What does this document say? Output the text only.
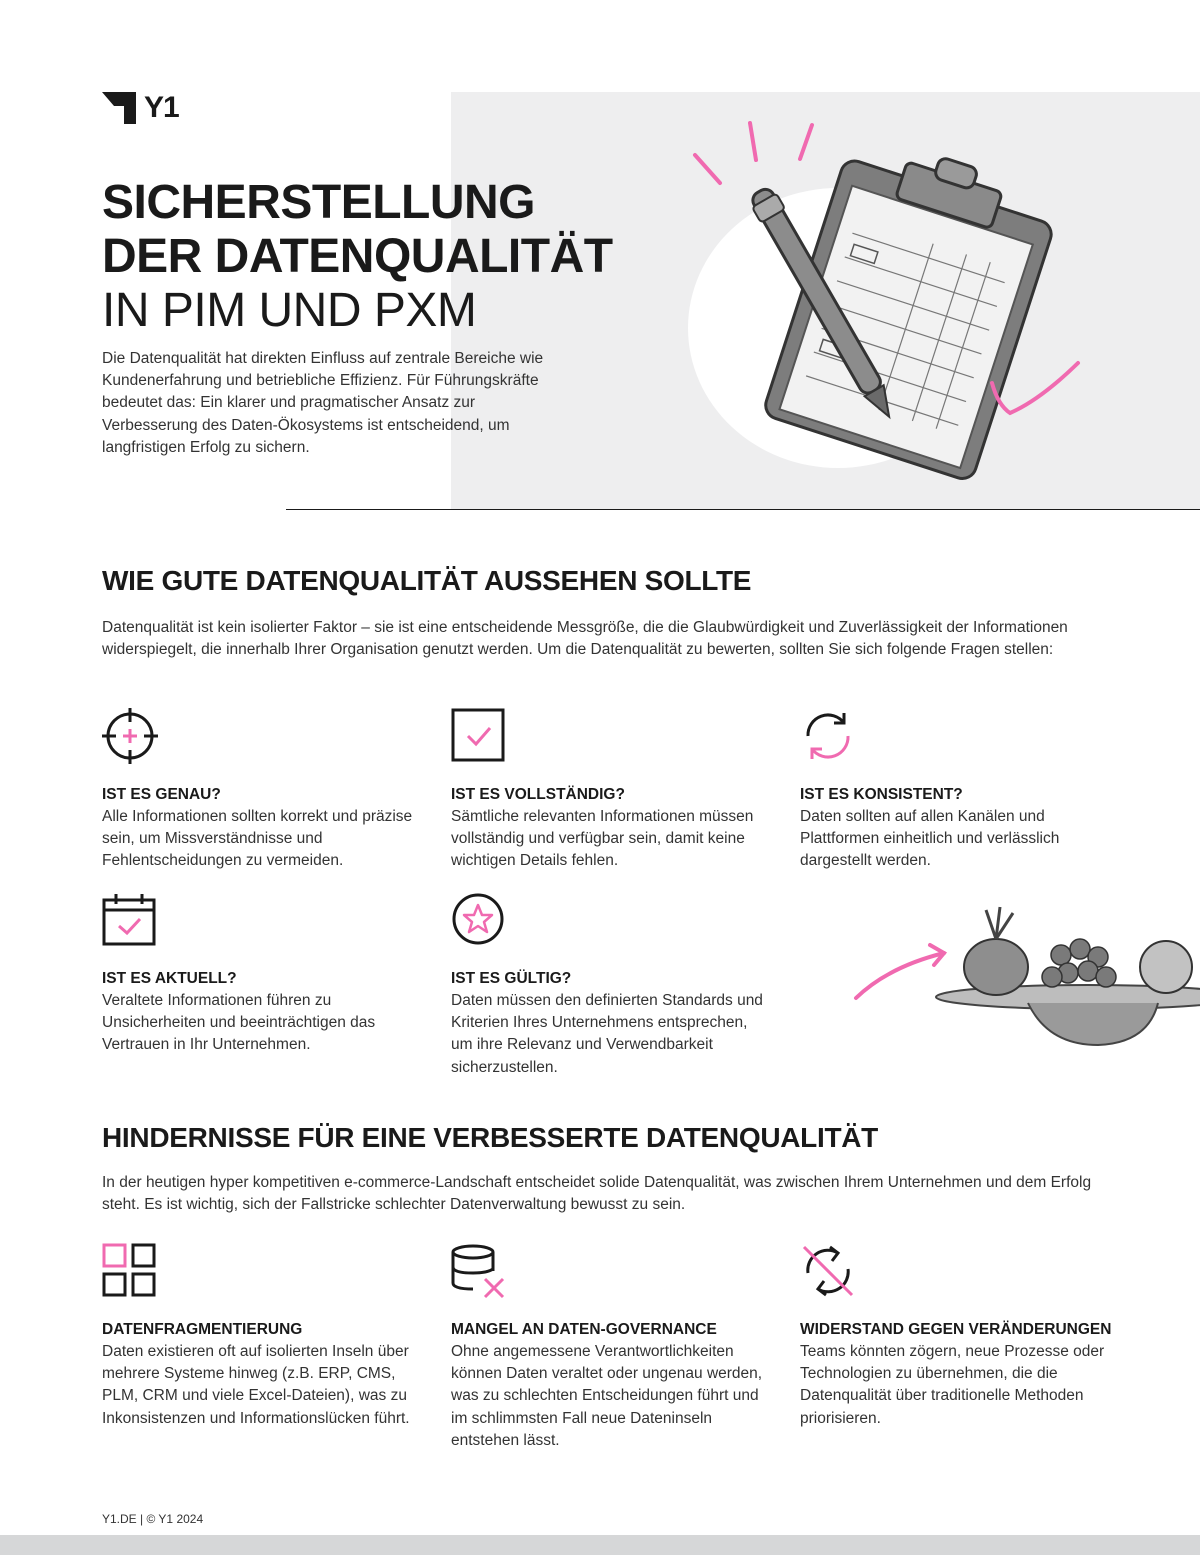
Y1
SICHERSTELLUNG
DER DATENQUALITÄT
IN PIM UND PXM
Die Datenqualität hat direkten Einfluss auf zentrale Bereiche wie Kundenerfahrung und betriebliche Effizienz. Für Führungskräfte bedeutet das: Ein klarer und pragmatischer Ansatz zur Verbesserung des Daten-Ökosystems ist entscheidend, um langfristigen Erfolg zu sichern.
WIE GUTE DATENQUALITÄT AUSSEHEN SOLLTE
Datenqualität ist kein isolierter Faktor – sie ist eine entscheidende Messgröße, die die Glaubwürdigkeit und Zuverlässigkeit der Informationen widerspiegelt, die innerhalb Ihrer Organisation genutzt werden. Um die Datenqualität zu bewerten, sollten Sie sich folgende Fragen stellen:
IST ES GENAU?
Alle Informationen sollten korrekt und präzise sein, um Missverständnisse und Fehlentscheidungen zu vermeiden.
IST ES VOLLSTÄNDIG?
Sämtliche relevanten Informationen müssen vollständig und verfügbar sein, damit keine wichtigen Details fehlen.
IST ES KONSISTENT?
Daten sollten auf allen Kanälen und Plattformen einheitlich und verlässlich dargestellt werden.
IST ES AKTUELL?
Veraltete Informationen führen zu Unsicherheiten und beeinträchtigen das Vertrauen in Ihr Unternehmen.
IST ES GÜLTIG?
Daten müssen den definierten Standards und Kriterien Ihres Unternehmens entsprechen, um ihre Relevanz und Verwendbarkeit sicherzustellen.
HINDERNISSE FÜR EINE VERBESSERTE DATENQUALITÄT
In der heutigen hyper kompetitiven e-commerce-Landschaft entscheidet solide Datenqualität, was zwischen Ihrem Unternehmen und dem Erfolg steht. Es ist wichtig, sich der Fallstricke schlechter Datenverwaltung bewusst zu sein.
DATENFRAGMENTIERUNG
Daten existieren oft auf isolierten Inseln über mehrere Systeme hinweg (z.B. ERP, CMS, PLM, CRM und viele Excel-Dateien), was zu Inkonsistenzen und Informationslücken führt.
MANGEL AN DATEN-GOVERNANCE
Ohne angemessene Verantwortlichkeiten können Daten veraltet oder ungenau werden, was zu schlechten Entscheidungen führt und im schlimmsten Fall neue Dateninseln entstehen lässt.
WIDERSTAND GEGEN VERÄNDERUNGEN
Teams könnten zögern, neue Prozesse oder Technologien zu übernehmen, die die Datenqualität über traditionelle Methoden priorisieren.
Y1.DE | © Y1 2024
